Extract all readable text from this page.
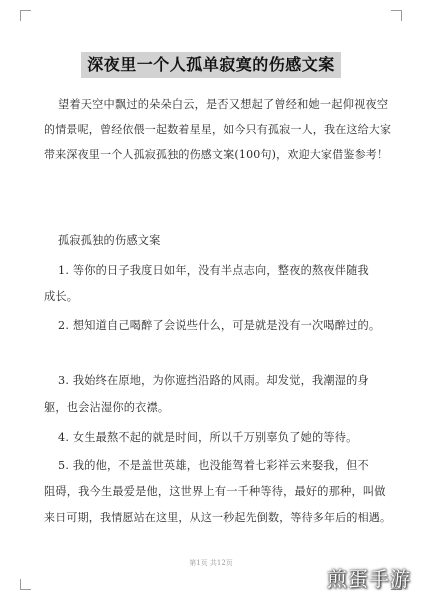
深夜里一个人孤单寂寞的伤感文案
望着天空中飘过的朵朵白云，是否又想起了曾经和她一起仰视夜空
的情景呢，曾经依偎一起数着星星，如今只有孤寂一人，我在这给大家
带来深夜里一个人孤寂孤独的伤感文案(100句)，欢迎大家借鉴参考！
孤寂孤独的伤感文案
1. 等你的日子我度日如年，没有半点志向，整夜的熬夜伴随我
成长。
2. 想知道自己喝醉了会说些什么，可是就是没有一次喝醉过的。
3. 我始终在原地，为你遮挡沿路的风雨。却发觉，我潮湿的身
躯，也会沾湿你的衣襟。
4. 女生最熬不起的就是时间，所以千万别辜负了她的等待。
5. 我的他，不是盖世英雄，也没能驾着七彩祥云来娶我，但不
阻碍，我今生最爱是他，这世界上有一千种等待，最好的那种，叫做
来日可期，我情愿站在这里，从这一秒起先倒数，等待多年后的相遇。
第1页 共12页
煎蛋手游
